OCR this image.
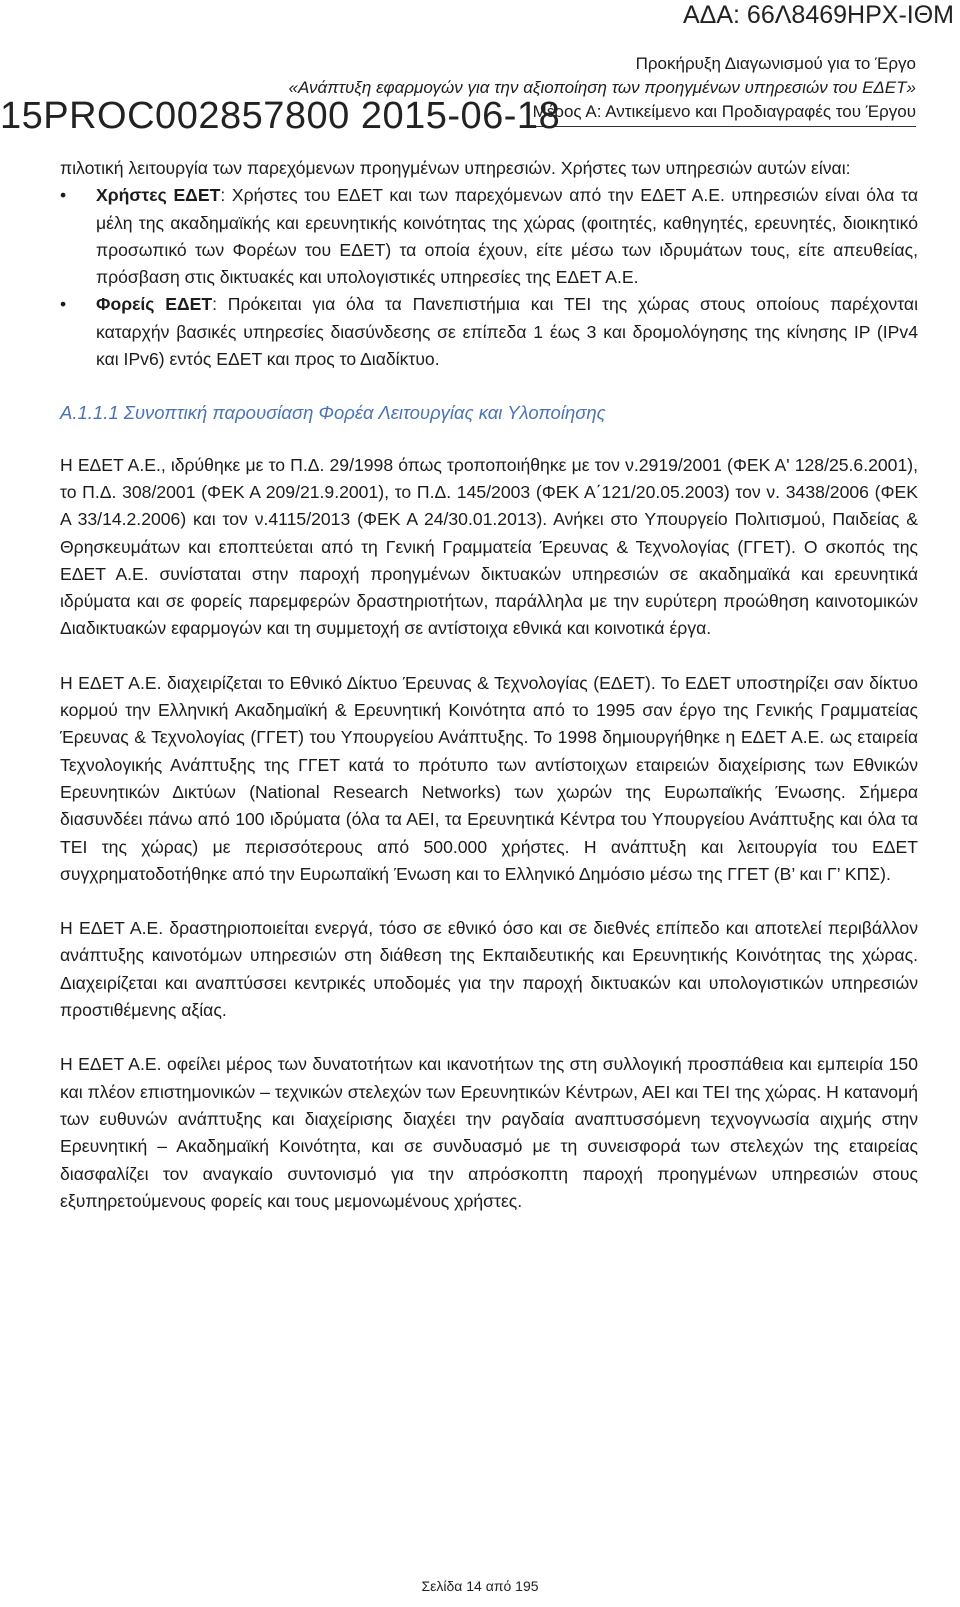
ΑΔΑ: 66Λ8469ΗΡΧ-ΙΘΜ
Προκήρυξη Διαγωνισμού για το Έργο
«Ανάπτυξη εφαρμογών για την αξιοποίηση των προηγμένων υπηρεσιών του ΕΔΕΤ»
Μέρος Α: Αντικείμενο και Προδιαγραφές του Έργου
15PROC002857800 2015-06-18

πιλοτική λειτουργία των παρεχόμενων προηγμένων υπηρεσιών. Χρήστες των υπηρεσιών αυτών είναι:

• Χρήστες ΕΔΕΤ: Χρήστες του ΕΔΕΤ και των παρεχόμενων από την ΕΔΕΤ Α.Ε. υπηρεσιών είναι όλα τα μέλη της ακαδημαϊκής και ερευνητικής κοινότητας της χώρας (φοιτητές, καθηγητές, ερευνητές, διοικητικό προσωπικό των Φορέων του ΕΔΕΤ) τα οποία έχουν, είτε μέσω των ιδρυμάτων τους, είτε απευθείας, πρόσβαση στις δικτυακές και υπολογιστικές υπηρεσίες της ΕΔΕΤ Α.Ε.
• Φορείς ΕΔΕΤ: Πρόκειται για όλα τα Πανεπιστήμια και ΤΕΙ της χώρας στους οποίους παρέχονται καταρχήν βασικές υπηρεσίες διασύνδεσης σε επίπεδα 1 έως 3 και δρομολόγησης της κίνησης IP (IPv4 και IPv6) εντός ΕΔΕΤ και προς το Διαδίκτυο.
Α.1.1.1 Συνοπτική παρουσίαση Φορέα Λειτουργίας και Υλοποίησης

Η ΕΔΕΤ Α.Ε., ιδρύθηκε με το Π.Δ. 29/1998 όπως τροποποιήθηκε με τον ν.2919/2001 (ΦΕΚ Α' 128/25.6.2001), το Π.Δ. 308/2001 (ΦΕΚ Α 209/21.9.2001), το Π.Δ. 145/2003 (ΦΕΚ Α΄121/20.05.2003) τον ν. 3438/2006 (ΦΕΚ Α 33/14.2.2006) και τον ν.4115/2013 (ΦΕΚ Α 24/30.01.2013). Ανήκει στο Υπουργείο Πολιτισμού, Παιδείας & Θρησκευμάτων και εποπτεύεται από τη Γενική Γραμματεία Έρευνας & Τεχνολογίας (ΓΓΕΤ). Ο σκοπός της ΕΔΕΤ Α.Ε. συνίσταται στην παροχή προηγμένων δικτυακών υπηρεσιών σε ακαδημαϊκά και ερευνητικά ιδρύματα και σε φορείς παρεμφερών δραστηριοτήτων, παράλληλα με την ευρύτερη προώθηση καινοτομικών Διαδικτυακών εφαρμογών και τη συμμετοχή σε αντίστοιχα εθνικά και κοινοτικά έργα.

Η ΕΔΕΤ Α.Ε. διαχειρίζεται το Εθνικό Δίκτυο Έρευνας & Τεχνολογίας (ΕΔΕΤ). Το ΕΔΕΤ υποστηρίζει σαν δίκτυο κορμού την Ελληνική Ακαδημαϊκή & Ερευνητική Κοινότητα από το 1995 σαν έργο της Γενικής Γραμματείας Έρευνας & Τεχνολογίας (ΓΓΕΤ) του Υπουργείου Ανάπτυξης. Το 1998 δημιουργήθηκε η ΕΔΕΤ Α.Ε. ως εταιρεία Τεχνολογικής Ανάπτυξης της ΓΓΕΤ κατά το πρότυπο των αντίστοιχων εταιρειών διαχείρισης των Εθνικών Ερευνητικών Δικτύων (National Research Networks) των χωρών της Ευρωπαϊκής Ένωσης. Σήμερα διασυνδέει πάνω από 100 ιδρύματα (όλα τα ΑΕΙ, τα Ερευνητικά Κέντρα του Υπουργείου Ανάπτυξης και όλα τα ΤΕΙ της χώρας) με περισσότερους από 500.000 χρήστες. Η ανάπτυξη και λειτουργία του ΕΔΕΤ συγχρηματοδοτήθηκε από την Ευρωπαϊκή Ένωση και το Ελληνικό Δημόσιο μέσω της ΓΓΕΤ (Β’ και Γ’ ΚΠΣ).

Η ΕΔΕΤ Α.Ε. δραστηριοποιείται ενεργά, τόσο σε εθνικό όσο και σε διεθνές επίπεδο και αποτελεί περιβάλλον ανάπτυξης καινοτόμων υπηρεσιών στη διάθεση της Εκπαιδευτικής και Ερευνητικής Κοινότητας της χώρας. Διαχειρίζεται και αναπτύσσει κεντρικές υποδομές για την παροχή δικτυακών και υπολογιστικών υπηρεσιών προστιθέμενης αξίας.

Η ΕΔΕΤ Α.Ε. οφείλει μέρος των δυνατοτήτων και ικανοτήτων της στη συλλογική προσπάθεια και εμπειρία 150 και πλέον επιστημονικών – τεχνικών στελεχών των Ερευνητικών Κέντρων, ΑΕΙ και ΤΕΙ της χώρας. Η κατανομή των ευθυνών ανάπτυξης και διαχείρισης διαχέει την ραγδαία αναπτυσσόμενη τεχνογνωσία αιχμής στην Ερευνητική – Ακαδημαϊκή Κοινότητα, και σε συνδυασμό με τη συνεισφορά των στελεχών της εταιρείας διασφαλίζει τον αναγκαίο συντονισμό για την απρόσκοπτη παροχή προηγμένων υπηρεσιών στους εξυπηρετούμενους φορείς και τους μεμονωμένους χρήστες.

Σελίδα 14 από 195
